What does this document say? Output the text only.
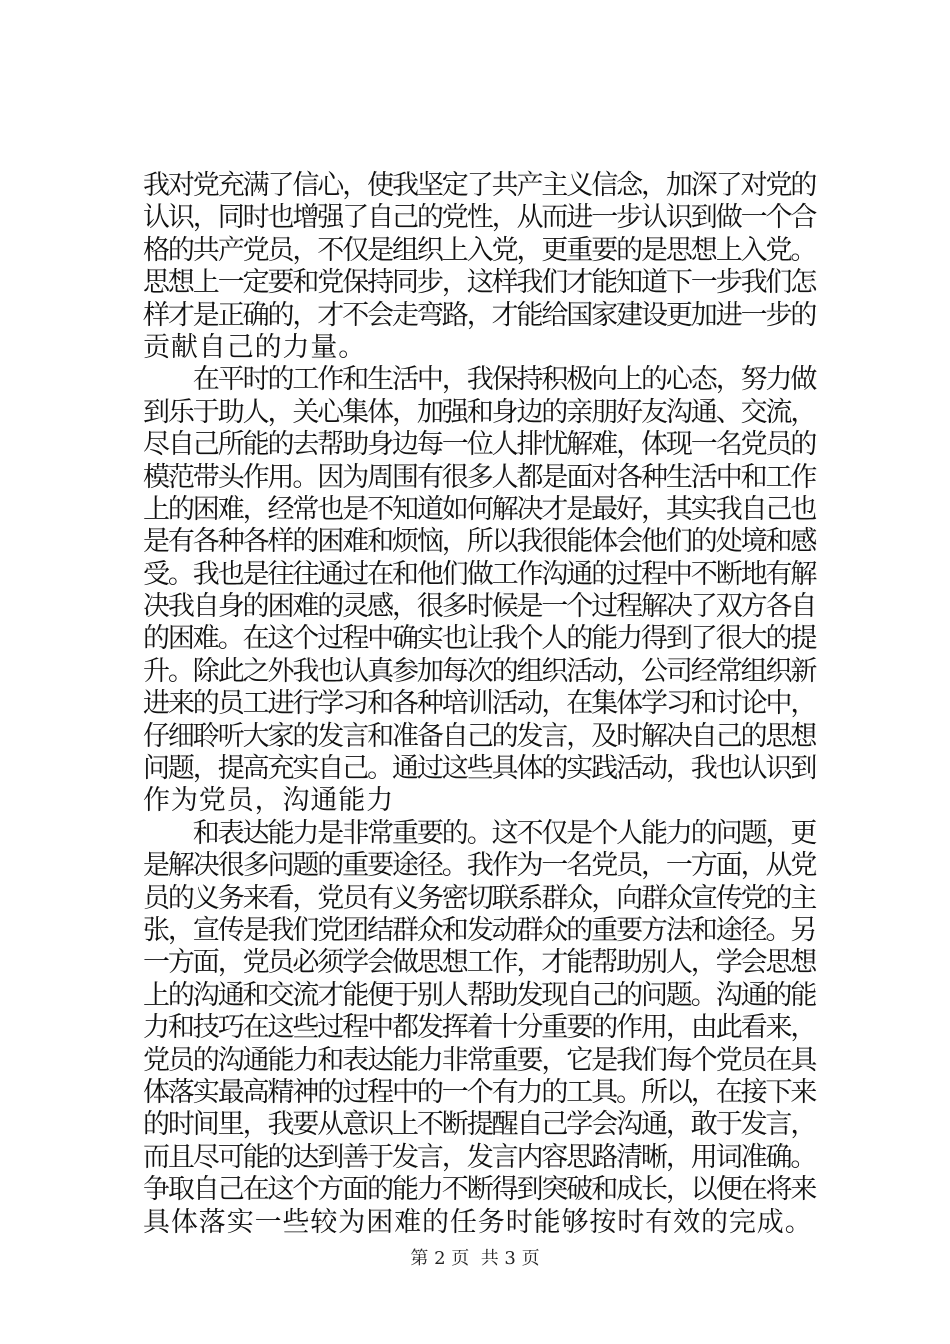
我对党充满了信心，使我坚定了共产主义信念，加深了对党的
认识，同时也增强了自己的党性，从而进一步认识到做一个合
格的共产党员，不仅是组织上入党，更重要的是思想上入党。
思想上一定要和党保持同步，这样我们才能知道下一步我们怎
样才是正确的，才不会走弯路，才能给国家建设更加进一步的
贡献自己的力量。
　　在平时的工作和生活中，我保持积极向上的心态，努力做
到乐于助人，关心集体，加强和身边的亲朋好友沟通、交流，
尽自己所能的去帮助身边每一位人排忧解难，体现一名党员的
模范带头作用。因为周围有很多人都是面对各种生活中和工作
上的困难，经常也是不知道如何解决才是最好，其实我自己也
是有各种各样的困难和烦恼，所以我很能体会他们的处境和感
受。我也是往往通过在和他们做工作沟通的过程中不断地有解
决我自身的困难的灵感，很多时候是一个过程解决了双方各自
的困难。在这个过程中确实也让我个人的能力得到了很大的提
升。除此之外我也认真参加每次的组织活动，公司经常组织新
进来的员工进行学习和各种培训活动，在集体学习和讨论中，
仔细聆听大家的发言和准备自己的发言，及时解决自己的思想
问题，提高充实自己。通过这些具体的实践活动，我也认识到
作为党员，沟通能力
　　和表达能力是非常重要的。这不仅是个人能力的问题，更
是解决很多问题的重要途径。我作为一名党员，一方面，从党
员的义务来看，党员有义务密切联系群众，向群众宣传党的主
张，宣传是我们党团结群众和发动群众的重要方法和途径。另
一方面，党员必须学会做思想工作，才能帮助别人，学会思想
上的沟通和交流才能便于别人帮助发现自己的问题。沟通的能
力和技巧在这些过程中都发挥着十分重要的作用，由此看来，
党员的沟通能力和表达能力非常重要，它是我们每个党员在具
体落实最高精神的过程中的一个有力的工具。所以，在接下来
的时间里，我要从意识上不断提醒自己学会沟通，敢于发言，
而且尽可能的达到善于发言，发言内容思路清晰，用词准确。
争取自己在这个方面的能力不断得到突破和成长，以便在将来
具体落实一些较为困难的任务时能够按时有效的完成。
第 2 页  共 3 页
